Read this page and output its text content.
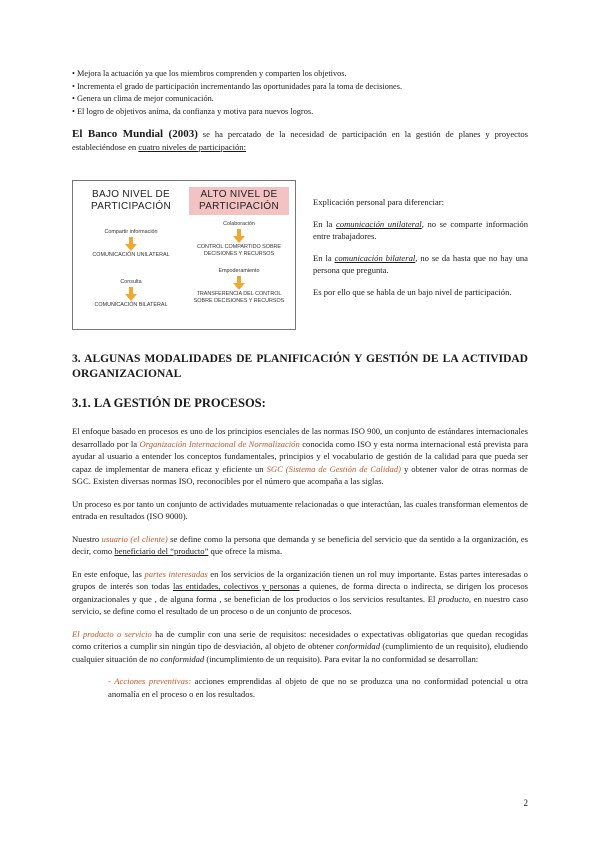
• Mejora la actuación ya que los miembros comprenden y comparten los objetivos.
• Incrementa el grado de participación incrementando las oportunidades para la toma de decisiones.
• Genera un clima de mejor comunicación.
• El logro de objetivos anima, da confianza y motiva para nuevos logros.

El Banco Mundial (2003) se ha percatado de la necesidad de participación en la gestión de planes y proyectos estableciéndose en cuatro niveles de participación:

BAJO NIVEL DE PARTICIPACIÓN
Compartir información
COMUNICACIÓN UNILATERAL
Consulta
COMUNICACIÓN BILATERAL
ALTO NIVEL DE PARTICIPACIÓN
Colaboración
CONTROL COMPARTIDO SOBRE DECISIONES Y RECURSOS
Empoderamiento
TRANSFERENCIA DEL CONTROL SOBRE DECISIONES Y RECURSOS

Explicación personal para diferenciar:

En la comunicación unilateral, no se comparte información entre trabajadores.

En la comunicación bilateral, no se da hasta que no hay una persona que pregunta.

Es por ello que se habla de un bajo nivel de participación.

3. ALGUNAS MODALIDADES DE PLANIFICACIÓN Y GESTIÓN DE LA ACTIVIDAD ORGANIZACIONAL

3.1. LA GESTIÓN DE PROCESOS:

El enfoque basado en procesos es uno de los principios esenciales de las normas ISO 900, un conjunto de estándares internacionales desarrollado por la Organización Internacional de Normalización conocida como ISO y esta norma internacional está prevista para ayudar al usuario a entender los conceptos fundamentales, principios y el vocabulario de gestión de la calidad para que pueda ser capaz de implementar de manera eficaz y eficiente un SGC (Sistema de Gestión de Calidad) y obtener valor de otras normas de SGC. Existen diversas normas ISO, reconocibles por el número que acompaña a las siglas.

Un proceso es por tanto un conjunto de actividades mutuamente relacionadas o que interactúan, las cuales transforman elementos de entrada en resultados (ISO 9000).

Nuestro usuario (el cliente) se define como la persona que demanda y se beneficia del servicio que da sentido a la organización, es decir, como beneficiario del “producto” que ofrece la misma.

En este enfoque, las partes interesadas en los servicios de la organización tienen un rol muy importante. Estas partes interesadas o grupos de interés son todas las entidades, colectivos y personas a quienes, de forma directa o indirecta, se dirigen los procesos organizacionales y que , de alguna forma , se benefician de los productos o los servicios resultantes. El producto, en nuestro caso servicio, se define como el resultado de un proceso o de un conjunto de procesos.

El producto o servicio ha de cumplir con una serie de requisitos: necesidades o expectativas obligatorias que quedan recogidas como criterios a cumplir sin ningún tipo de desviación, al objeto de obtener conformidad (cumplimiento de un requisito), eludiendo cualquier situación de no conformidad (incumplimiento de un requisito). Para evitar la no conformidad se desarrollan:

- Acciones preventivas: acciones emprendidas al objeto de que no se produzca una no conformidad potencial u otra anomalía en el proceso o en los resultados.

2
